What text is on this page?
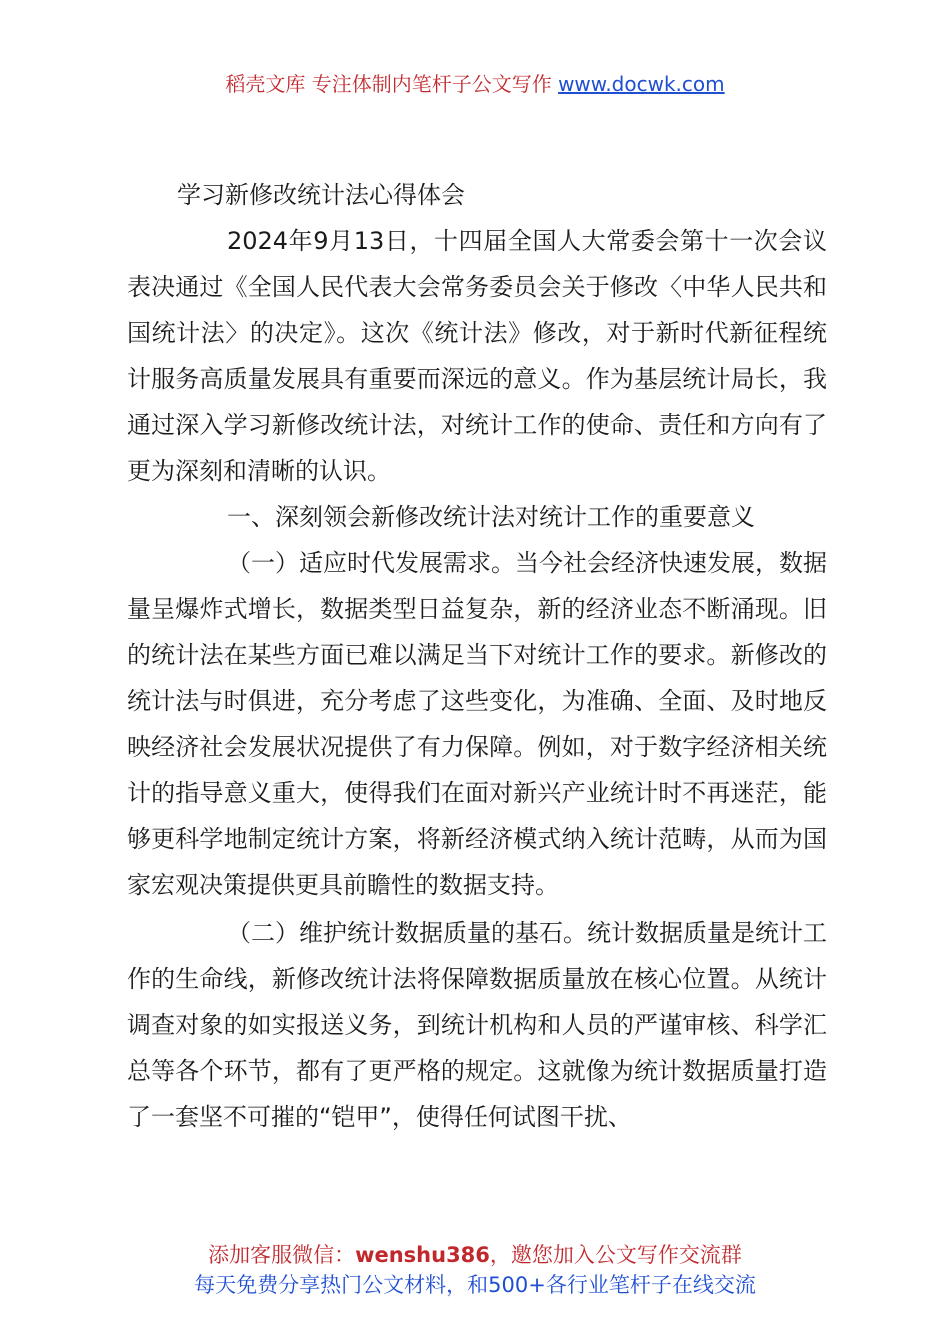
稻壳文库 专注体制内笔杆子公文写作 www.docwk.com

学习新修改统计法心得体会

2024年9月13日，十四届全国人大常委会第十一次会议表决通过《全国人民代表大会常务委员会关于修改〈中华人民共和国统计法〉的决定》。这次《统计法》修改，对于新时代新征程统计服务高质量发展具有重要而深远的意义。作为基层统计局长，我通过深入学习新修改统计法，对统计工作的使命、责任和方向有了更为深刻和清晰的认识。

一、深刻领会新修改统计法对统计工作的重要意义

（一）适应时代发展需求。当今社会经济快速发展，数据量呈爆炸式增长，数据类型日益复杂，新的经济业态不断涌现。旧的统计法在某些方面已难以满足当下对统计工作的要求。新修改的统计法与时俱进，充分考虑了这些变化，为准确、全面、及时地反映经济社会发展状况提供了有力保障。例如，对于数字经济相关统计的指导意义重大，使得我们在面对新兴产业统计时不再迷茫，能够更科学地制定统计方案，将新经济模式纳入统计范畴，从而为国家宏观决策提供更具前瞻性的数据支持。

（二）维护统计数据质量的基石。统计数据质量是统计工作的生命线，新修改统计法将保障数据质量放在核心位置。从统计调查对象的如实报送义务，到统计机构和人员的严谨审核、科学汇总等各个环节，都有了更严格的规定。这就像为统计数据质量打造了一套坚不可摧的“铠甲”，使得任何试图干扰、

添加客服微信：wenshu386，邀您加入公文写作交流群
每天免费分享热门公文材料，和500+各行业笔杆子在线交流
